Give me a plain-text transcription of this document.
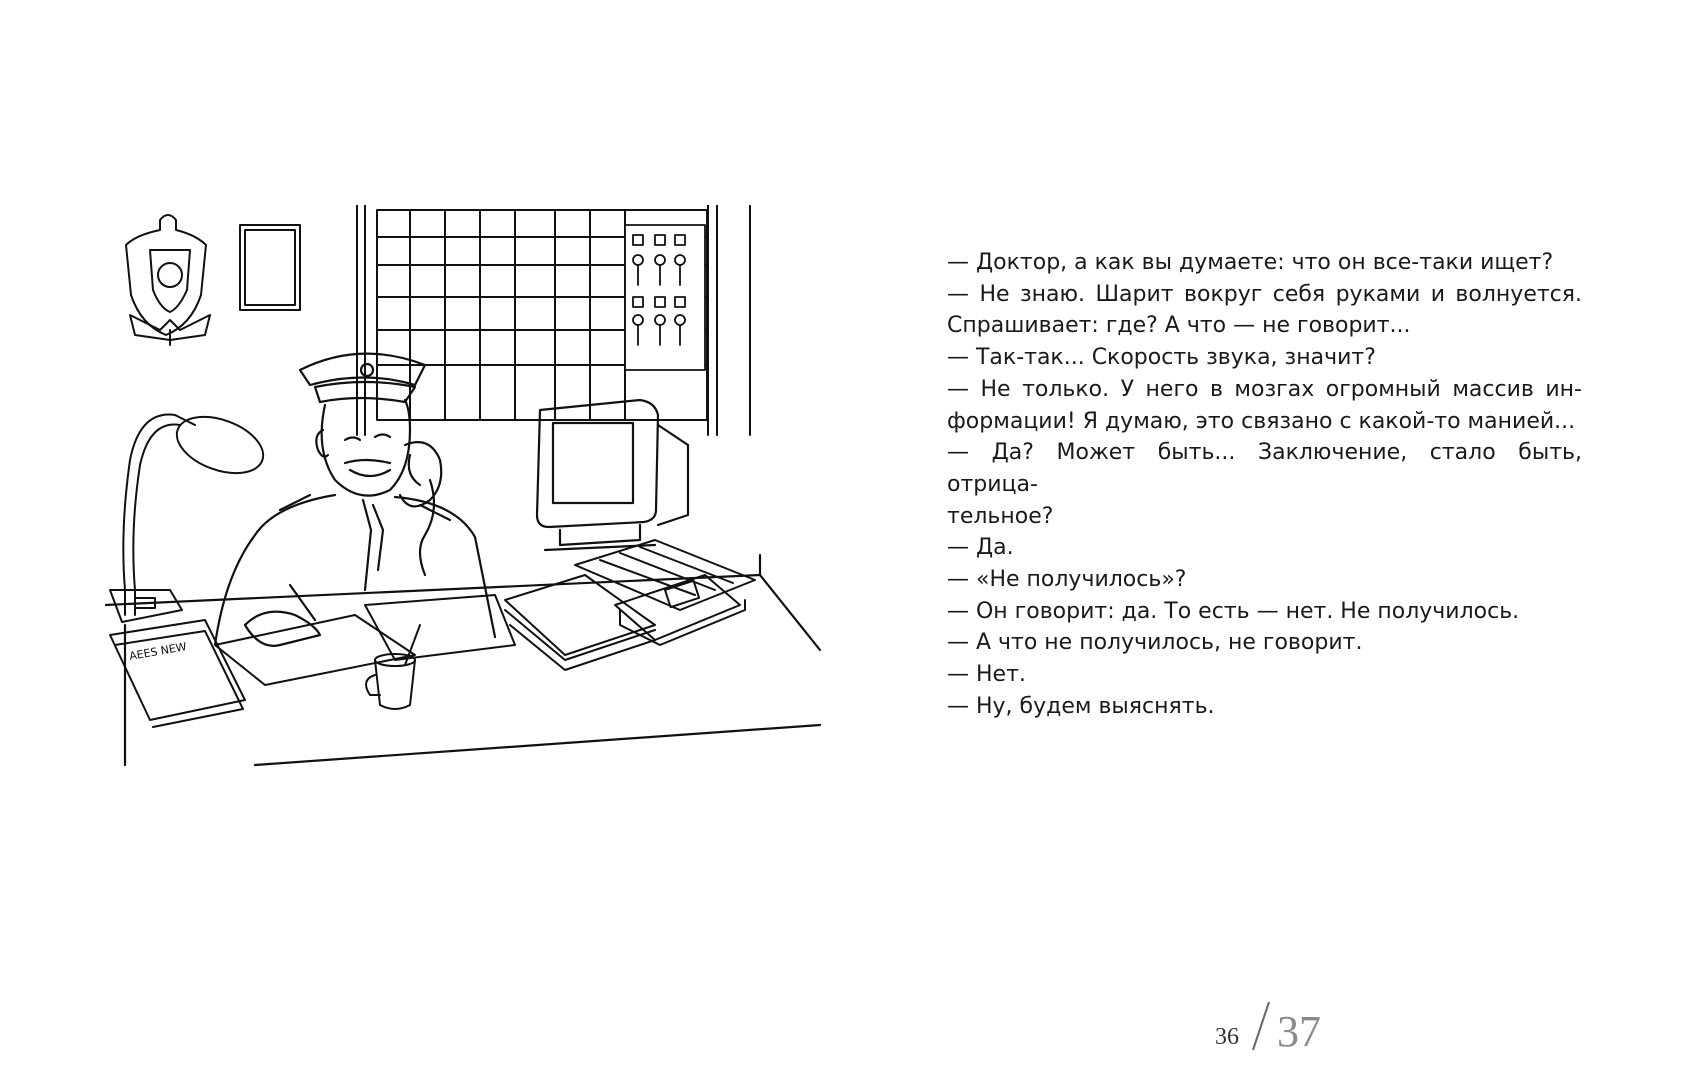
АЕЕS NEW
— Доктор, а как вы думаете: что он все-таки ищет?
— Не знаю. Шарит вокруг себя руками и волнуется.
Спрашивает: где? А что — не говорит...
— Так-так... Скорость звука, значит?
— Не только. У него в мозгах огромный массив ин-
формации! Я думаю, это связано с какой-то манией...
— Да? Может быть... Заключение, стало быть, отрица-
тельное?
— Да.
— «Не получилось»?
— Он говорит: да. То есть — нет. Не получилось.
— А что не получилось, не говорит.
— Нет.
— Ну, будем выяснять.
36 37
